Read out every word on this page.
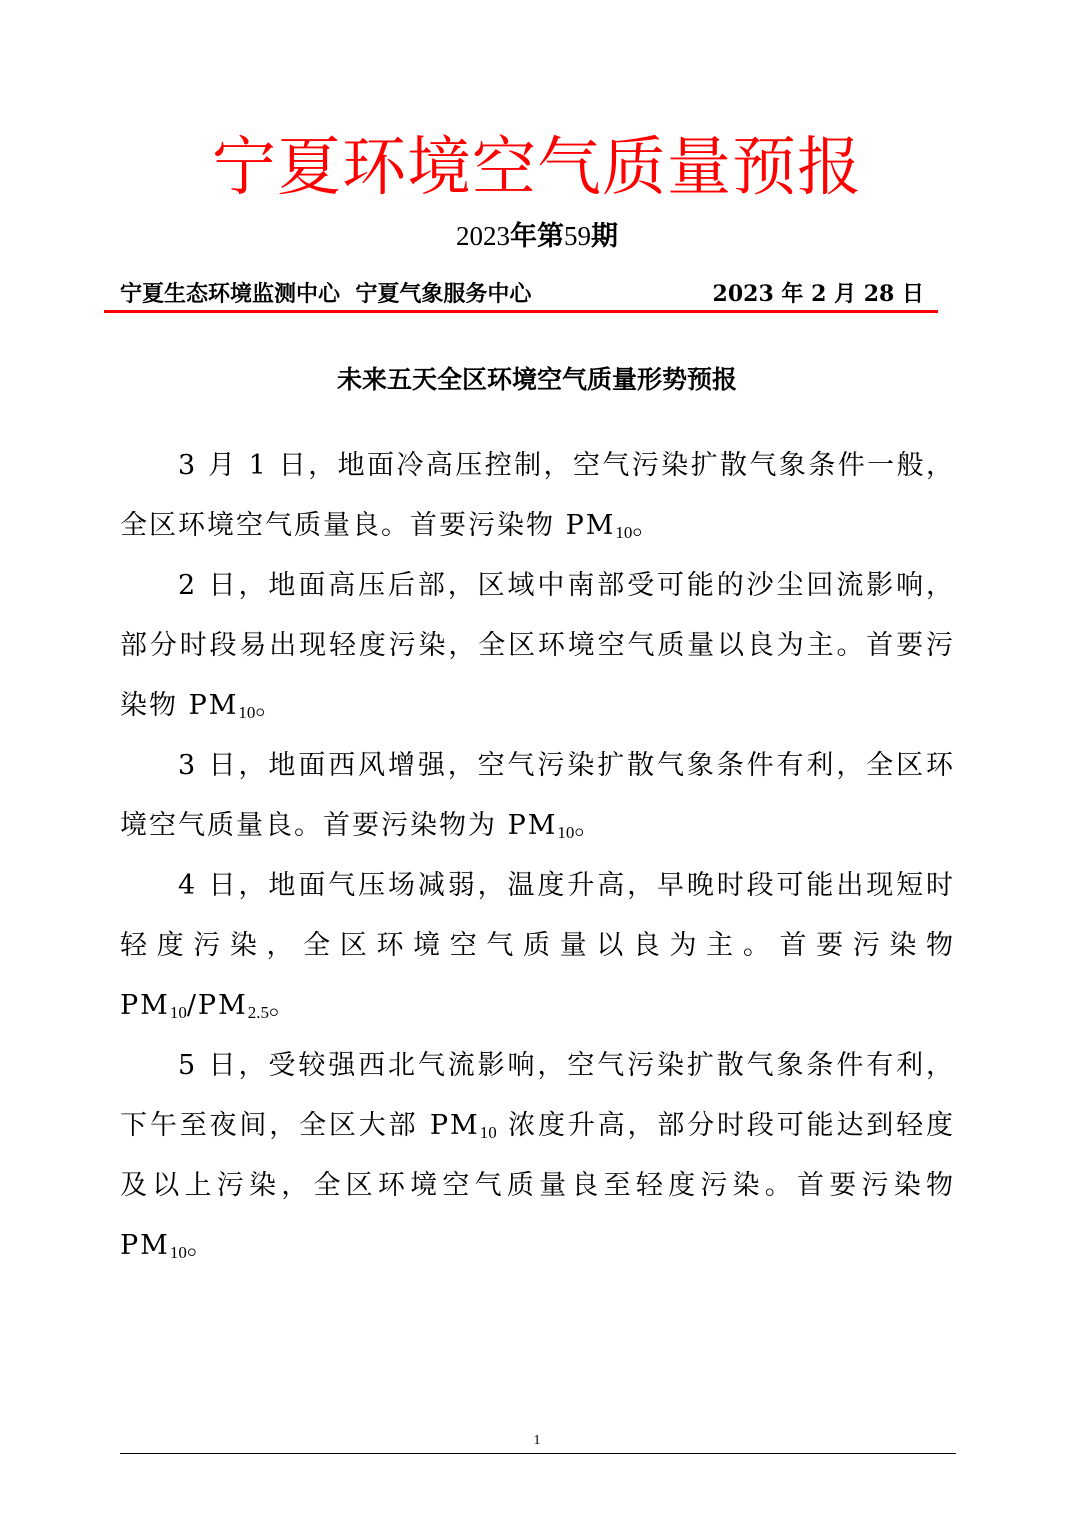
宁夏环境空气质量预报
2023年第59期
宁夏生态环境监测中心  宁夏气象服务中心	2023 年 2 月 28 日
未来五天全区环境空气质量形势预报

3 月 1 日，地面冷高压控制，空气污染扩散气象条件一般，全区环境空气质量良。首要污染物 $PM_{10}$。

2 日，地面高压后部，区域中南部受可能的沙尘回流影响，部分时段易出现轻度污染，全区环境空气质量以良为主。首要污染物 $PM_{10}$。

3 日，地面西风增强，空气污染扩散气象条件有利，全区环境空气质量良。首要污染物为 $PM_{10}$。

4 日，地面气压场减弱，温度升高，早晚时段可能出现短时轻度污染，全区环境空气质量以良为主。首要污染物 $PM_{10}/PM_{2.5}$。

5 日，受较强西北气流影响，空气污染扩散气象条件有利，下午至夜间，全区大部 $PM_{10}$ 浓度升高，部分时段可能达到轻度及以上污染，全区环境空气质量良至轻度污染。首要污染物 $PM_{10}$。

1
